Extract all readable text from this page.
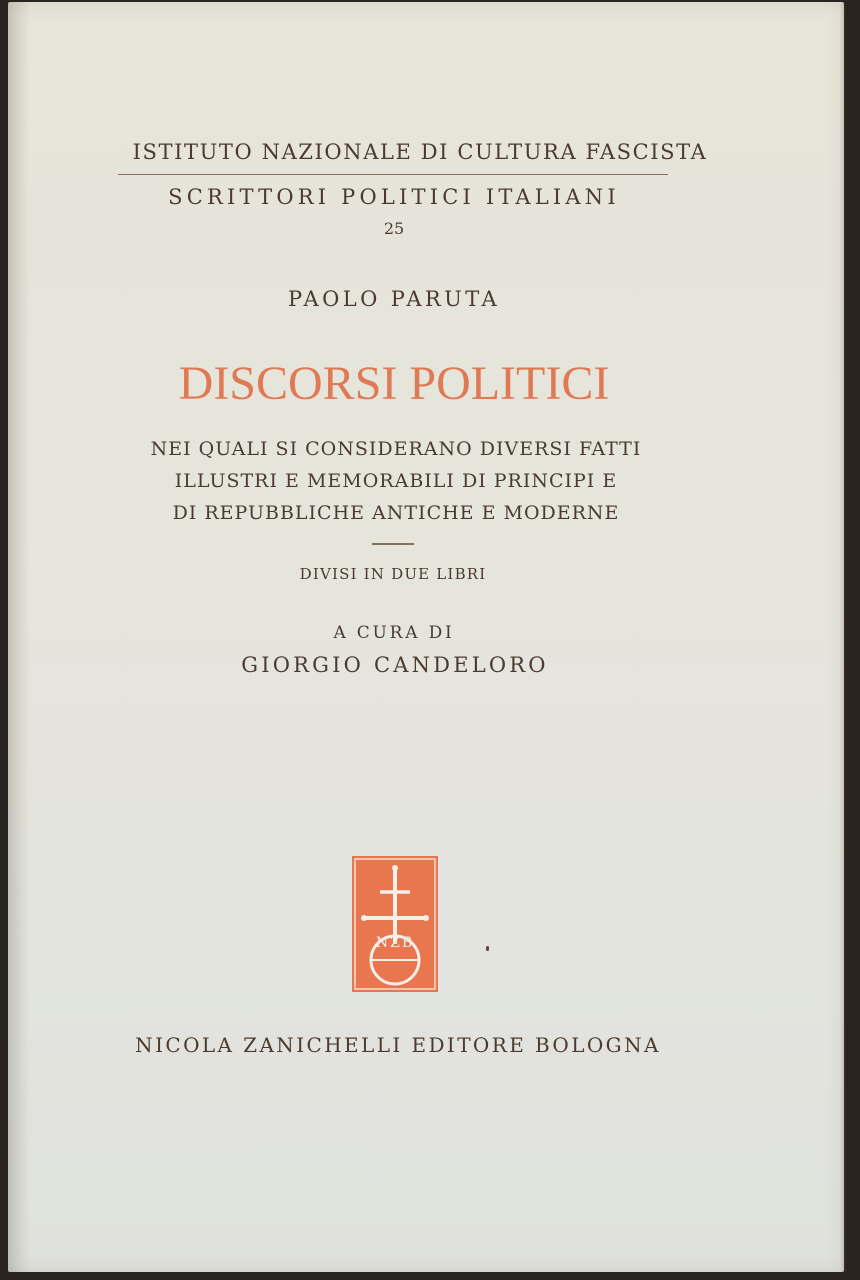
ISTITUTO NAZIONALE DI CULTURA FASCISTA
SCRITTORI POLITICI ITALIANI
25
PAOLO PARUTA
DISCORSI POLITICI
NEI QUALI SI CONSIDERANO DIVERSI FATTI
ILLUSTRI E MEMORABILI DI PRINCIPI E
DI REPUBBLICHE ANTICHE E MODERNE
DIVISI IN DUE LIBRI
A CURA DI
GIORGIO CANDELORO
NZB
NICOLA ZANICHELLI EDITORE BOLOGNA
